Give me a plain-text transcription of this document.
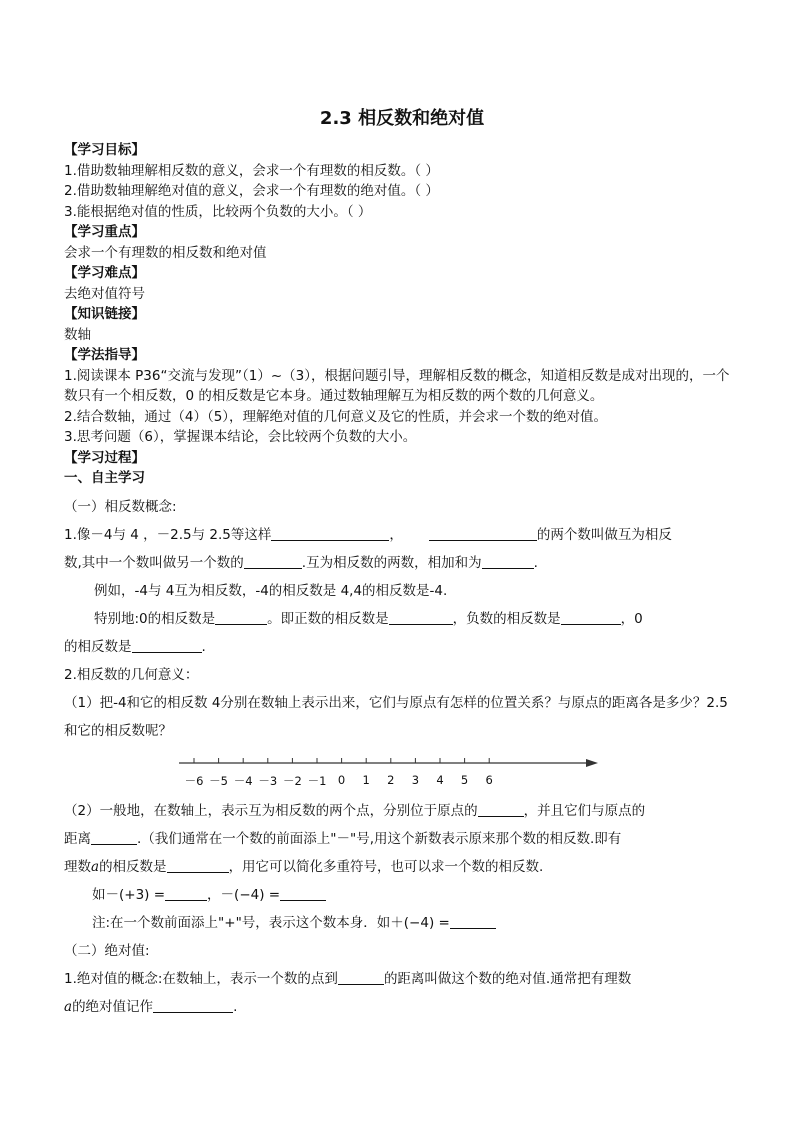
2.3 相反数和绝对值
【学习目标】
1.借助数轴理解相反数的意义，会求一个有理数的相反数。（ ）
2.借助数轴理解绝对值的意义，会求一个有理数的绝对值。（ ）
3.能根据绝对值的性质，比较两个负数的大小。（ ）
【学习重点】
会求一个有理数的相反数和绝对值
【学习难点】
去绝对值符号
【知识链接】
数轴
【学法指导】
1.阅读课本 P36“交流与发现”（1）~（3），根据问题引导，理解相反数的概念，知道相反数是成对出现的，一个数只有一个相反数，0 的相反数是它本身。通过数轴理解互为相反数的两个数的几何意义。
2.结合数轴，通过（4）（5），理解绝对值的几何意义及它的性质，并会求一个数的绝对值。
3.思考问题（6），掌握课本结论，会比较两个负数的大小。
【学习过程】
一、自主学习
（一）相反数概念:
1.像－4与 4 ，－2.5与 2.5等这样	，	的两个数叫做互为相反
数,其中一个数叫做另一个数的	.互为相反数的两数，相加和为	.
例如，-4与 4互为相反数，-4的相反数是 4,4的相反数是-4.
特别地:0的相反数是	。即正数的相反数是	，负数的相反数是	，0
的相反数是	.
2.相反数的几何意义：
（1）把-4和它的相反数 4分别在数轴上表示出来，它们与原点有怎样的位置关系？与原点的距离各是多少？2.5和它的相反数呢？
－6 －5 －4 －3 －2 －1 0 1 2 3 4 5 6
（2）一般地，在数轴上，表示互为相反数的两个点，分别位于原点的	，并且它们与原点的
距离	.（我们通常在一个数的前面添上"－"号,用这个新数表示原来那个数的相反数.即有
理数a的相反数是	，用它可以简化多重符号，也可以求一个数的相反数.
如－(+3) =	，－(−4) =
注:在一个数前面添上"+"号，表示这个数本身．如＋(−4) =
（二）绝对值:
1.绝对值的概念:在数轴上，表示一个数的点到	的距离叫做这个数的绝对值.通常把有理数
a的绝对值记作	.
